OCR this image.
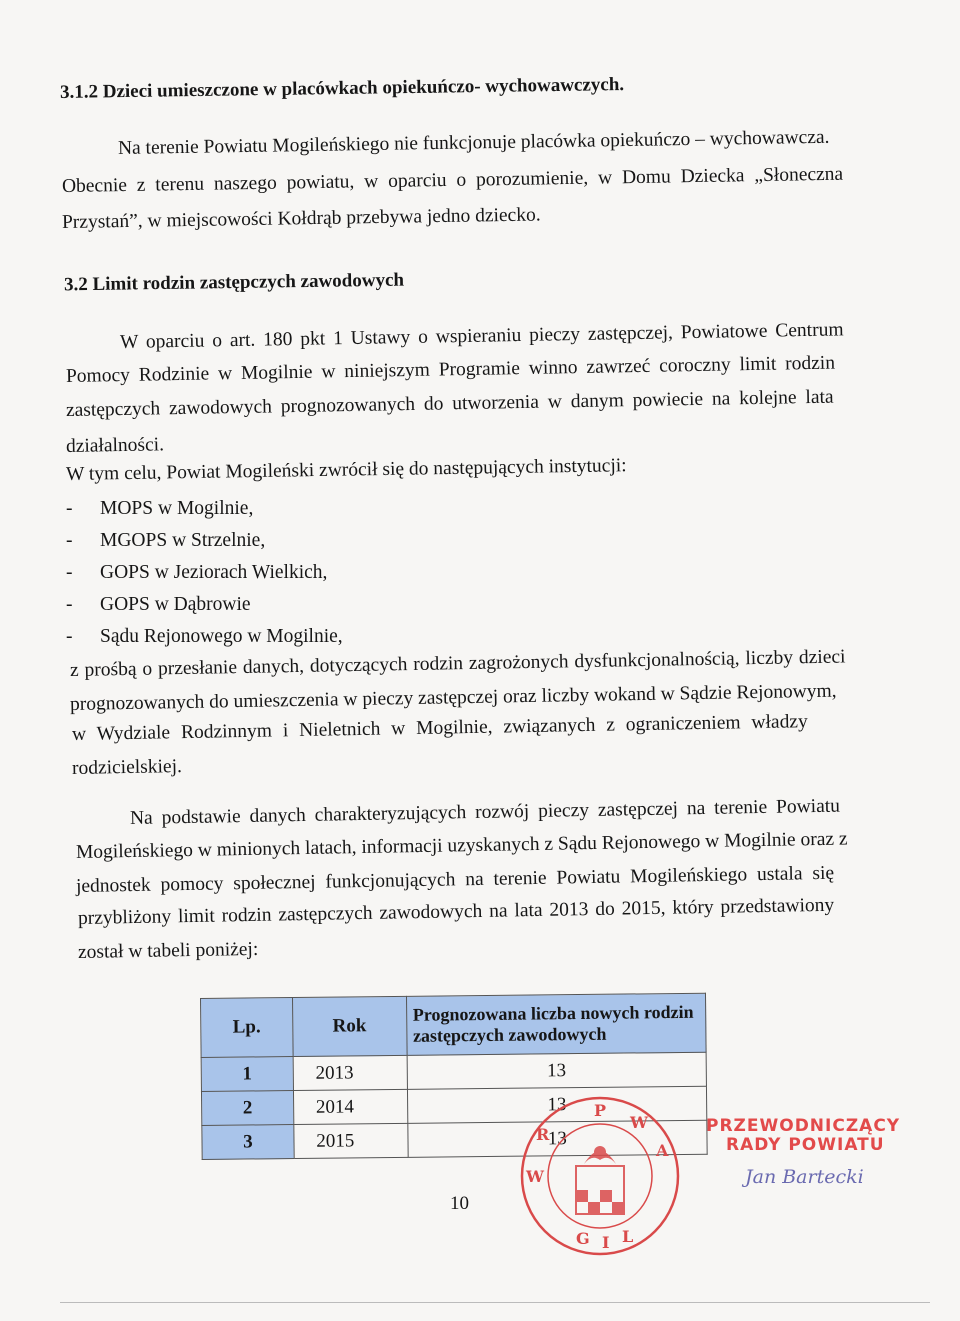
3.1.2 Dzieci umieszczone w placówkach opiekuńczo- wychowawczych.
Na terenie Powiatu Mogileńskiego nie funkcjonuje placówka opiekuńczo – wychowawcza.
Obecnie z terenu naszego powiatu, w oparciu o porozumienie, w Domu Dziecka „Słoneczna
Przystań”, w miejscowości Kołdrąb przebywa jedno dziecko.
3.2 Limit rodzin zastępczych zawodowych
W oparciu o art. 180 pkt 1 Ustawy o wspieraniu pieczy zastępczej, Powiatowe Centrum
Pomocy Rodzinie w Mogilnie w niniejszym Programie winno zawrzeć coroczny limit rodzin
zastępczych zawodowych prognozowanych do utworzenia w danym powiecie na kolejne lata
działalności.
W tym celu, Powiat Mogileński zwrócił się do następujących instytucji:
- MOPS w Mogilnie,
- MGOPS w Strzelnie,
- GOPS w Jeziorach Wielkich,
- GOPS w Dąbrowie
- Sądu Rejonowego w Mogilnie,
z prośbą o przesłanie danych, dotyczących rodzin zagrożonych dysfunkcjonalnością, liczby dzieci
prognozowanych do umieszczenia w pieczy zastępczej oraz liczby wokand w Sądzie Rejonowym,
w Wydziale Rodzinnym i Nieletnich w Mogilnie, związanych z ograniczeniem władzy
rodzicielskiej.
Na podstawie danych charakteryzujących rozwój pieczy zastępczej na terenie Powiatu
Mogileńskiego w minionych latach, informacji uzyskanych z Sądu Rejonowego w Mogilnie oraz z
jednostek pomocy społecznej funkcjonujących na terenie Powiatu Mogileńskiego ustala się
przybliżony limit rodzin zastępczych zawodowych na lata 2013 do 2015, który przedstawiony
został w tabeli poniżej:
Lp.	Rok	Prognozowana liczba nowych rodzin zastępczych zawodowych
1	2013	13
2	2014	13
3	2015	13
P W A R W G I L
PRZEWODNICZĄCY
RADY POWIATU
Jan Bartecki
10
